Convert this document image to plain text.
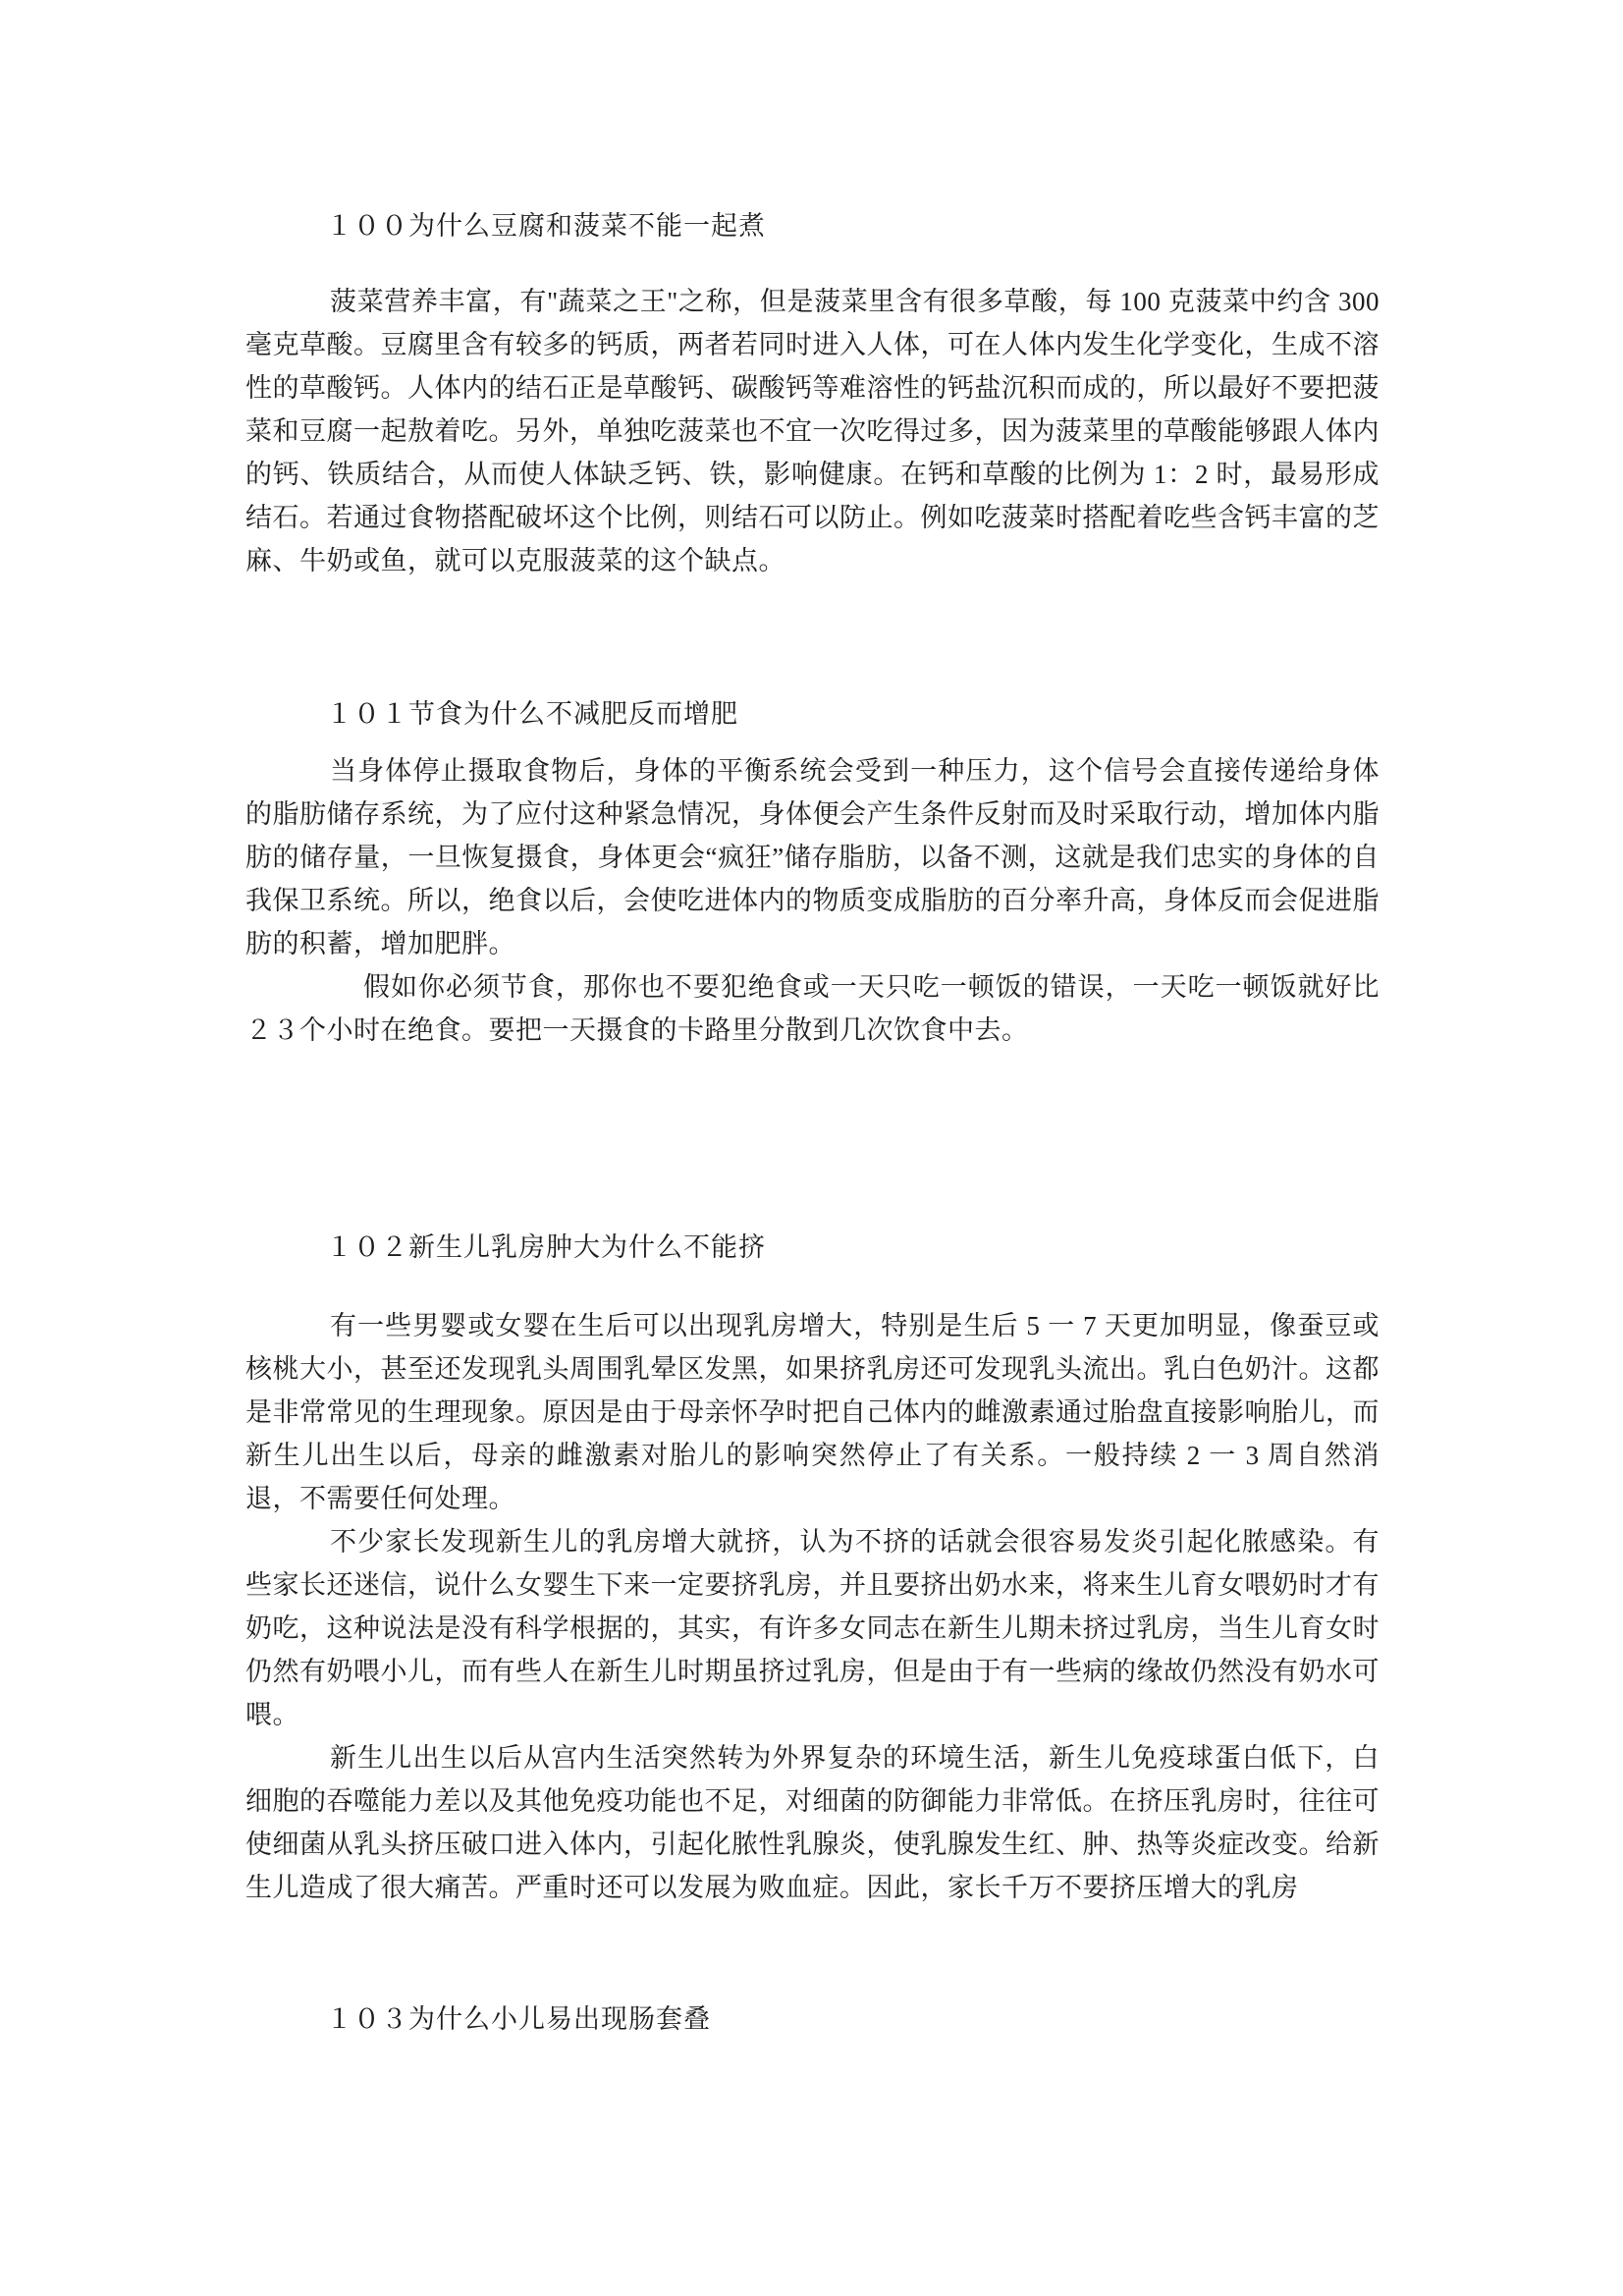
１００为什么豆腐和菠菜不能一起煮

菠菜营养丰富，有"蔬菜之王"之称，但是菠菜里含有很多草酸，每 100 克菠菜中约含 300 毫克草酸。豆腐里含有较多的钙质，两者若同时进入人体，可在人体内发生化学变化，生成不溶性的草酸钙。人体内的结石正是草酸钙、碳酸钙等难溶性的钙盐沉积而成的，所以最好不要把菠菜和豆腐一起敖着吃。另外，单独吃菠菜也不宜一次吃得过多，因为菠菜里的草酸能够跟人体内的钙、铁质结合，从而使人体缺乏钙、铁，影响健康。在钙和草酸的比例为 1：2 时，最易形成结石。若通过食物搭配破坏这个比例，则结石可以防止。例如吃菠菜时搭配着吃些含钙丰富的芝麻、牛奶或鱼，就可以克服菠菜的这个缺点。

１０１节食为什么不减肥反而增肥

当身体停止摄取食物后，身体的平衡系统会受到一种压力，这个信号会直接传递给身体的脂肪储存系统，为了应付这种紧急情况，身体便会产生条件反射而及时采取行动，增加体内脂肪的储存量，一旦恢复摄食，身体更会“疯狂”储存脂肪，以备不测，这就是我们忠实的身体的自我保卫系统。所以，绝食以后，会使吃进体内的物质变成脂肪的百分率升高，身体反而会促进脂肪的积蓄，增加肥胖。

假如你必须节食，那你也不要犯绝食或一天只吃一顿饭的错误，一天吃一顿饭就好比２３个小时在绝食。要把一天摄食的卡路里分散到几次饮食中去。

１０２新生儿乳房肿大为什么不能挤

有一些男婴或女婴在生后可以出现乳房增大，特别是生后 5 一 7 天更加明显，像蚕豆或核桃大小，甚至还发现乳头周围乳晕区发黑，如果挤乳房还可发现乳头流出。乳白色奶汁。这都是非常常见的生理现象。原因是由于母亲怀孕时把自己体内的雌激素通过胎盘直接影响胎儿，而新生儿出生以后，母亲的雌激素对胎儿的影响突然停止了有关系。一般持续 2 一 3 周自然消退，不需要任何处理。

不少家长发现新生儿的乳房增大就挤，认为不挤的话就会很容易发炎引起化脓感染。有些家长还迷信，说什么女婴生下来一定要挤乳房，并且要挤出奶水来，将来生儿育女喂奶时才有奶吃，这种说法是没有科学根据的，其实，有许多女同志在新生儿期未挤过乳房，当生儿育女时仍然有奶喂小儿，而有些人在新生儿时期虽挤过乳房，但是由于有一些病的缘故仍然没有奶水可喂。

新生儿出生以后从宫内生活突然转为外界复杂的环境生活，新生儿免疫球蛋白低下，白细胞的吞噬能力差以及其他免疫功能也不足，对细菌的防御能力非常低。在挤压乳房时，往往可使细菌从乳头挤压破口进入体内，引起化脓性乳腺炎，使乳腺发生红、肿、热等炎症改变。给新生儿造成了很大痛苦。严重时还可以发展为败血症。因此，家长千万不要挤压增大的乳房

１０３为什么小儿易出现肠套叠
